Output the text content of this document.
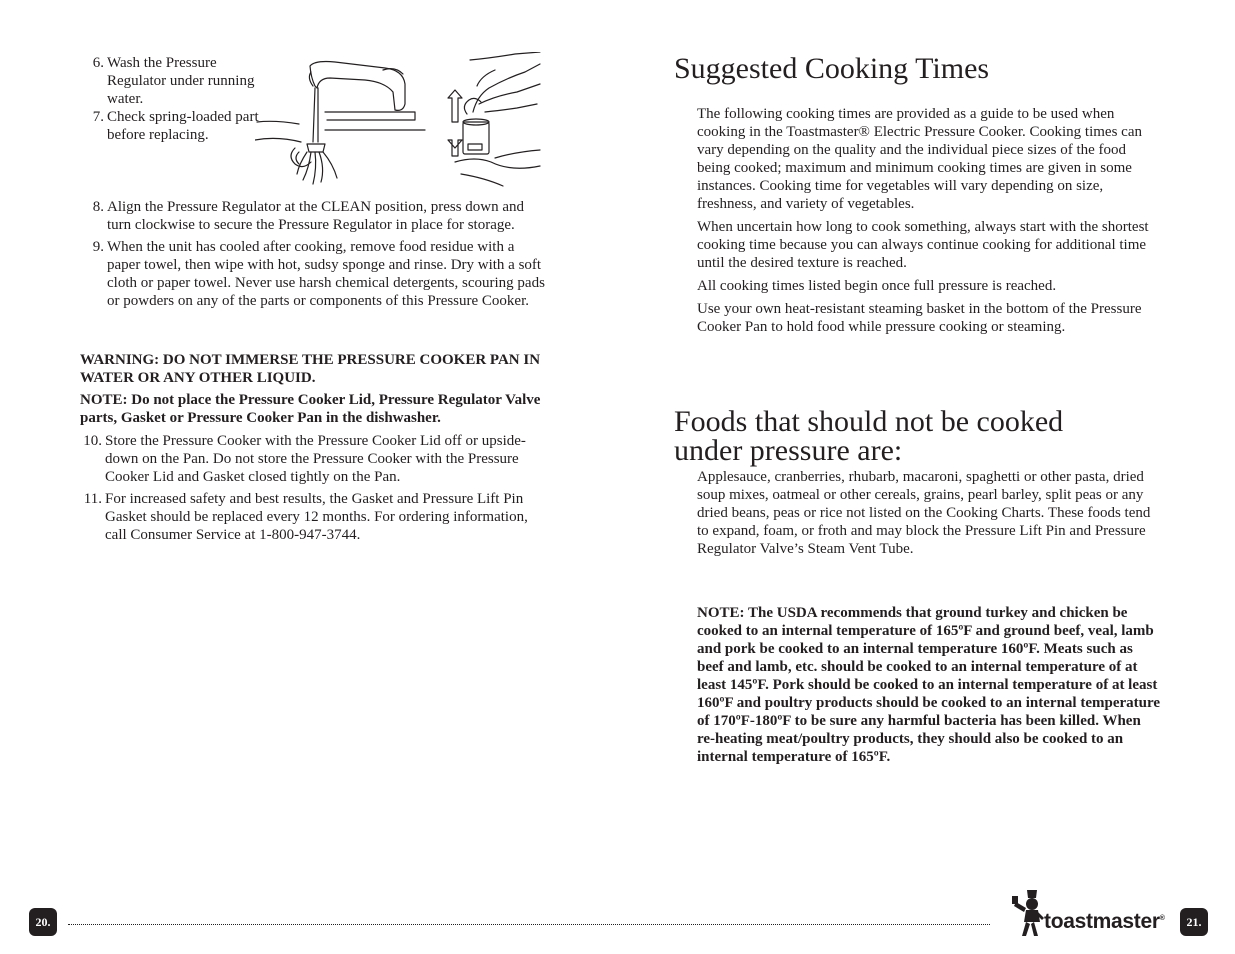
6. Wash the Pressure Regulator under running water.
7. Check spring-loaded part before replacing.
8. Align the Pressure Regulator at the CLEAN position, press down and turn clockwise to secure the Pressure Regulator in place for storage.
9. When the unit has cooled after cooking, remove food residue with a paper towel, then wipe with hot, sudsy sponge and rinse. Dry with a soft cloth or paper towel. Never use harsh chemical detergents, scouring pads or powders on any of the parts or components of this Pressure Cooker.

WARNING: DO NOT IMMERSE THE PRESSURE COOKER PAN IN WATER OR ANY OTHER LIQUID.

NOTE: Do not place the Pressure Cooker Lid, Pressure Regulator Valve parts, Gasket or Pressure Cooker Pan in the dishwasher.

10. Store the Pressure Cooker with the Pressure Cooker Lid off or upside-down on the Pan. Do not store the Pressure Cooker with the Pressure Cooker Lid and Gasket closed tightly on the Pan.
11. For increased safety and best results, the Gasket and Pressure Lift Pin Gasket should be replaced every 12 months. For ordering information, call Consumer Service at 1-800-947-3744.
Suggested Cooking Times

The following cooking times are provided as a guide to be used when cooking in the Toastmaster® Electric Pressure Cooker. Cooking times can vary depending on the quality and the individual piece sizes of the food being cooked; maximum and minimum cooking times are given in some instances. Cooking time for vegetables will vary depending on size, freshness, and variety of vegetables.

When uncertain how long to cook something, always start with the shortest cooking time because you can always continue cooking for additional time until the desired texture is reached.

All cooking times listed begin once full pressure is reached.

Use your own heat-resistant steaming basket in the bottom of the Pressure Cooker Pan to hold food while pressure cooking or steaming.

Foods that should not be cooked
under pressure are:

Applesauce, cranberries, rhubarb, macaroni, spaghetti or other pasta, dried soup mixes, oatmeal or other cereals, grains, pearl barley, split peas or any dried beans, peas or rice not listed on the Cooking Charts. These foods tend to expand, foam, or froth and may block the Pressure Lift Pin and Pressure Regulator Valve’s Steam Vent Tube.

NOTE: The USDA recommends that ground turkey and chicken be cooked to an internal temperature of 165ºF and ground beef, veal, lamb and pork be cooked to an internal temperature 160ºF. Meats such as beef and lamb, etc. should be cooked to an internal temperature of at least 145ºF. Pork should be cooked to an internal temperature of at least 160ºF and poultry products should be cooked to an internal temperature of 170ºF-180ºF to be sure any harmful bacteria has been killed. When re-heating meat/poultry products, they should also be cooked to an internal temperature of 165ºF.

20.	toastmaster®	21.
